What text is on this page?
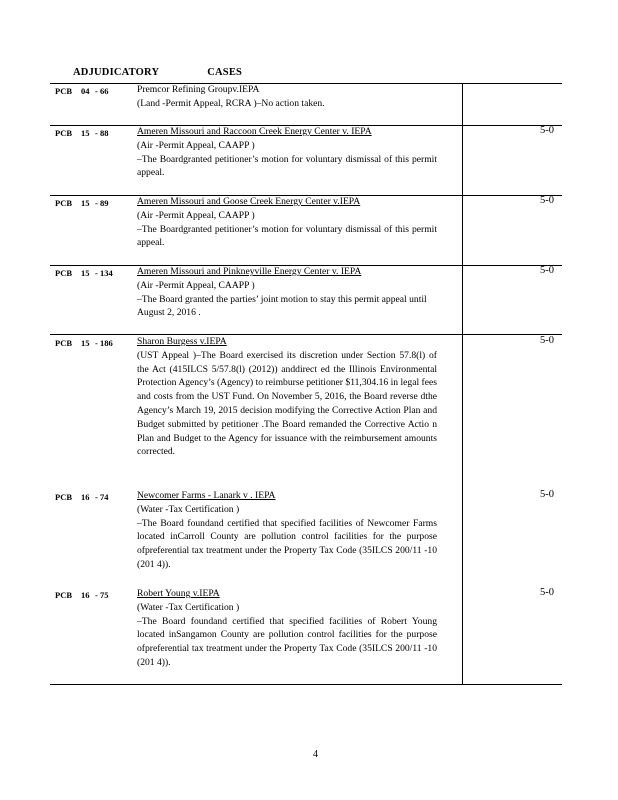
ADJUDICATORY	CASES
PCB 04 - 66	Premcor Refining Groupv.IEPA
(Land -Permit Appeal, RCRA )–No action taken.
PCB 15 - 88	Ameren Missouri and Raccoon Creek Energy Center v. IEPA
(Air -Permit Appeal, CAAPP )
–The Boardgranted petitioner’s motion for voluntary dismissal of this permit appeal.
5-0
PCB 15 - 89	Ameren Missouri and Goose Creek Energy Center v.IEPA
(Air -Permit Appeal, CAAPP )
–The Boardgranted petitioner’s motion for voluntary dismissal of this permit appeal.
5-0
PCB 15 - 134	Ameren Missouri and Pinkneyville Energy Center v. IEPA
(Air -Permit Appeal, CAAPP )
–The Board granted the parties’ joint motion to stay this permit appeal until August 2, 2016 .
5-0
PCB 15 - 186	Sharon Burgess v.IEPA
(UST Appeal )–The Board exercised its discretion under Section 57.8(l) of the Act (415ILCS 5/57.8(l) (2012)) anddirect ed the Illinois Environmental Protection Agency’s (Agency) to reimburse petitioner $11,304.16 in legal fees and costs from the UST Fund. On November 5, 2016, the Board reverse dthe Agency’s March 19, 2015 decision modifying the Corrective Action Plan and Budget submitted by petitioner .The Board remanded the Corrective Actio n Plan and Budget to the Agency for issuance with the reimbursement amounts corrected.
5-0
PCB 16 - 74	Newcomer Farms - Lanark v . IEPA
(Water -Tax Certification )
–The Board foundand certified that specified facilities of Newcomer Farms located inCarroll County are pollution control facilities for the purpose ofpreferential tax treatment under the Property Tax Code (35ILCS 200/11 -10 (201 4)).
5-0
PCB 16 - 75	Robert Young v.IEPA
(Water -Tax Certification )
–The Board foundand certified that specified facilities of Robert Young located inSangamon County are pollution control facilities for the purpose ofpreferential tax treatment under the Property Tax Code (35ILCS 200/11 -10 (201 4)).
5-0
4
